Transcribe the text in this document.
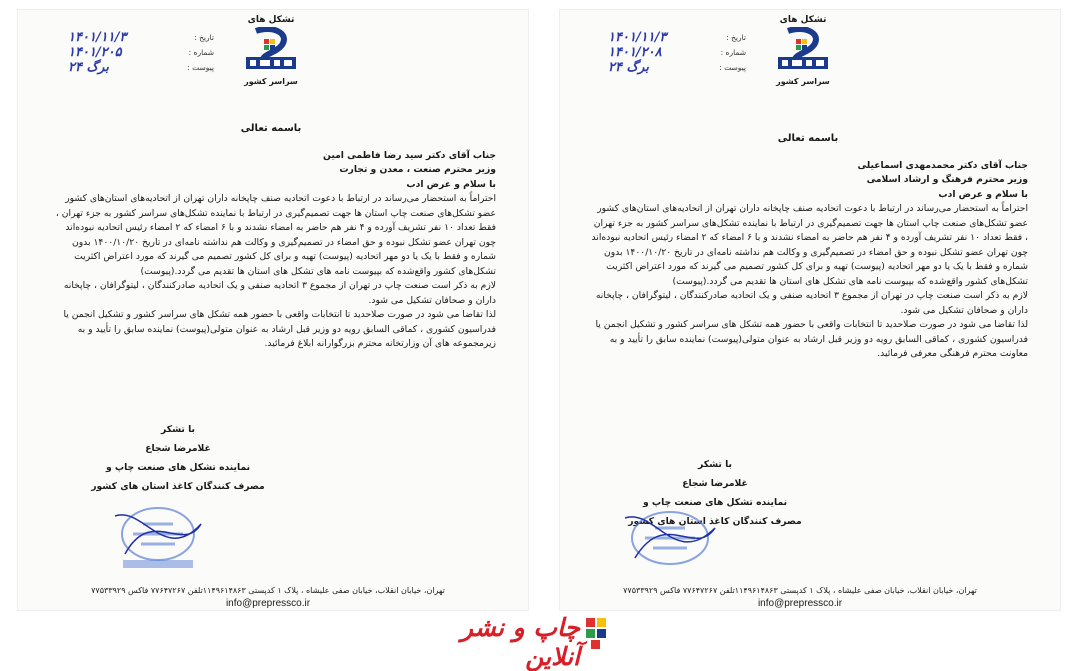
تشکل های
سراسر کشور
تاریخ :
شماره :
پیوست :
۱۴۰۱/۱۱/۳
۱۴۰۱/۲۰۸
۲۴ برگ
باسمه تعالی
جناب آقای دکتر محمدمهدی اسماعیلی
وزیر محترم فرهنگ و ارشاد اسلامی
با سلام و عرض ادب

احتراماً به استحضار می‌رساند در ارتباط با دعوت اتحادیه صنف چاپخانه داران تهران از اتحادیه‌های استان‌های کشور عضو تشکل‌های صنعت چاپ استان ها جهت تصمیم‌گیری در ارتباط با نماینده تشکل‌های سراسر کشور به جزء تهران ، فقط تعداد ۱۰ نفر تشریف آورده و ۴ نفر هم حاضر به امضاء نشدند و با ۶ امضاء که ۲ امضاء رئیس اتحادیه نبوده‌اند چون تهران عضو تشکل نبوده و حق امضاء در تصمیم‌گیری و وکالت هم نداشته نامه‌ای در تاریخ ۱۴۰۰/۱۰/۲۰ بدون شماره و فقط با یک یا دو مهر اتحادیه (پیوست) تهیه و برای کل کشور تصمیم می گیرند که مورد اعتراض اکثریت تشکل‌های کشور واقع‌شده که بپیوست نامه های تشکل های استان ها تقدیم می گردد.(پیوست)

لازم به ذکر است صنعت چاپ در تهران از مجموع ۳ اتحادیه صنفی و یک اتحادیه صادرکنندگان ، لیتوگرافان ، چاپخانه داران و صحافان تشکیل می شود.

لذا تقاضا می شود در صورت صلاحدید تا انتخابات واقعی با حضور همه تشکل های سراسر کشور و تشکیل انجمن یا فدراسیون کشوری ، کماقی السابق رویه دو وزیر قبل ارشاد به عنوان متولی(پیوست) نماینده سابق را تأیید و به معاونت محترم فرهنگی معرفی فرمائید.

با تشکر
غلامرضا شجاع
نماینده تشکل های صنعت چاپ و
مصرف کنندگان کاغذ استان های کشور
تهران، خیابان انقلاب، خیابان صفی علیشاه ، پلاک ۱ کدپستی ۱۱۴۹۶۱۴۸۶۳تلفن ۷۷۶۴۷۲۶۷ فاکس ۷۷۵۳۳۹۲۹
info@prepressco.ir
تشکل های
سراسر کشور
تاریخ :
شماره :
پیوست :
۱۴۰۱/۱۱/۳
۱۴۰۱/۲۰۵
۲۴ برگ
باسمه تعالی
جناب آقای دکتر سید رضا فاطمی امین
وزیر محترم صنعت ، معدن و تجارت
با سلام و عرض ادب

احتراماً به استحضار می‌رساند در ارتباط با دعوت اتحادیه صنف چاپخانه داران تهران از اتحادیه‌های استان‌های کشور عضو تشکل‌های صنعت چاپ استان ها جهت تصمیم‌گیری در ارتباط با نماینده تشکل‌های سراسر کشور به جزء تهران ، فقط تعداد ۱۰ نفر تشریف آورده و ۴ نفر هم حاضر به امضاء نشدند و با ۶ امضاء که ۲ امضاء رئیس اتحادیه نبوده‌اند چون تهران عضو تشکل نبوده و حق امضاء در تصمیم‌گیری و وکالت هم نداشته نامه‌ای در تاریخ ۱۴۰۰/۱۰/۲۰ بدون شماره و فقط با یک یا دو مهر اتحادیه (پیوست) تهیه و برای کل کشور تصمیم می گیرند که مورد اعتراض اکثریت تشکل‌های کشور واقع‌شده که بپیوست نامه های تشکل های استان ها تقدیم می گردد.(پیوست)

لازم به ذکر است صنعت چاپ در تهران از مجموع ۳ اتحادیه صنفی و یک اتحادیه صادرکنندگان ، لیتوگرافان ، چاپخانه داران و صحافان تشکیل می شود.

لذا تقاضا می شود در صورت صلاحدید تا انتخابات واقعی با حضور همه تشکل های سراسر کشور و تشکیل انجمن یا فدراسیون کشوری ، کماقی السابق رویه دو وزیر قبل ارشاد به عنوان متولی(پیوست) نماینده سابق را تأیید و به زیرمجموعه های آن وزارتخانه محترم بزرگوارانه ابلاغ فرمائید.

با تشکر
غلامرضا شجاع
نماینده تشکل های صنعت چاپ و
مصرف کنندگان کاغذ استان های کشور
تهران، خیابان انقلاب، خیابان صفی علیشاه ، پلاک ۱ کدپستی ۱۱۴۹۶۱۴۸۶۳تلفن ۷۷۶۴۷۲۶۷ فاکس ۷۷۵۳۳۹۲۹
info@prepressco.ir
چاپ و نشر آنلاین
